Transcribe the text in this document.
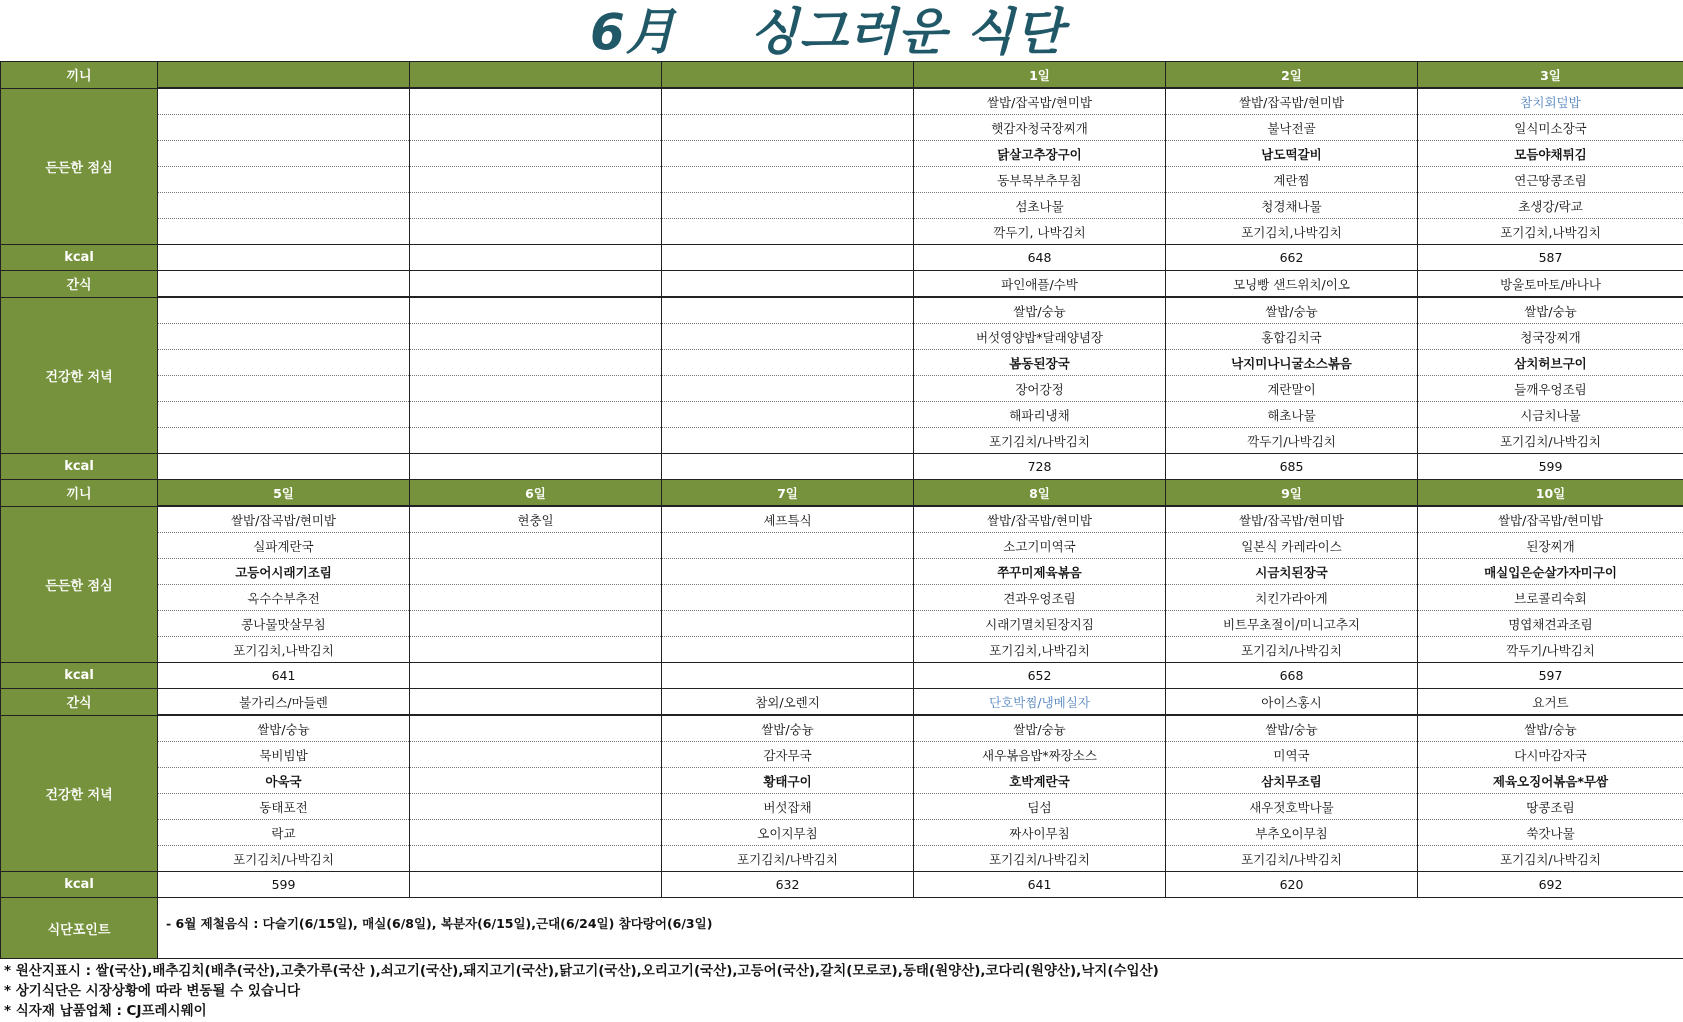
6月 싱그러운 식단
끼니				1일	2일	3일
든든한 점심				쌀밥/잡곡밥/현미밥	쌀밥/잡곡밥/현미밥	참치회덮밥
				햇감자청국장찌개	불낙전골	일식미소장국
				닭살고추장구이	남도떡갈비	모듬야채튀김
				동부묵부추무침	계란찜	연근땅콩조림
				섬초나물	청경채나물	초생강/락교
				깍두기, 나박김치	포기김치,나박김치	포기김치,나박김치
kcal				648	662	587
간식				파인애플/수박	모닝빵 샌드위치/이오	방울토마토/바나나
건강한 저녁				쌀밥/숭늉	쌀밥/숭늉	쌀밥/숭늉
				버섯영양밥*달래양념장	홍합김치국	청국장찌개
				봄동된장국	낙지미나니굴소스볶음	삼치허브구이
				장어강정	계란말이	들깨우엉조림
				해파리냉채	해초나물	시금치나물
				포기김치/나박김치	깍두기/나박김치	포기김치/나박김치
kcal				728	685	599
끼니	5일	6일	7일	8일	9일	10일
든든한 점심	쌀밥/잡곡밥/현미밥	현충일	셰프특식	쌀밥/잡곡밥/현미밥	쌀밥/잡곡밥/현미밥	쌀밥/잡곡밥/현미밥
	실파계란국			소고기미역국	일본식 카레라이스	된장찌개
	고등어시래기조림			쭈꾸미제육볶음	시금치된장국	매실입은순살가자미구이
	옥수수부추전			견과우엉조림	치킨가라아게	브로콜리숙회
	콩나물맛살무침			시래기멸치된장지짐	비트무초절이/미니고추지	명엽채견과조림
	포기김치,나박김치			포기김치,나박김치	포기김치/나박김치	깍두기/나박김치
kcal	641			652	668	597
간식	불가리스/마들렌		참외/오렌지	단호박찜/냉메실자	아이스홍시	요거트
건강한 저녁	쌀밥/숭늉		쌀밥/숭늉	쌀밥/숭늉	쌀밥/숭늉	쌀밥/숭늉
	묵비빔밥		감자무국	새우볶음밥*짜장소스	미역국	다시마감자국
	아욱국		황태구이	호박계란국	삼치무조림	제육오징어볶음*무쌈
	동태포전		버섯잡채	딤섬	새우젓호박나물	땅콩조림
	락교		오이지무침	짜사이무침	부추오이무침	쑥갓나물
	포기김치/나박김치		포기김치/나박김치	포기김치/나박김치	포기김치/나박김치	포기김치/나박김치
kcal	599		632	641	620	692
식단포인트	- 6월 제철음식 : 다슬기(6/15일), 매실(6/8일), 복분자(6/15일),근대(6/24일) 참다랑어(6/3일)					
* 원산지표시 : 쌀(국산),배추김치(배추(국산),고춧가루(국산 ),쇠고기(국산),돼지고기(국산),닭고기(국산),오리고기(국산),고등어(국산),갈치(모로코),동태(원양산),코다리(원양산),낙지(수입산)
* 상기식단은 시장상황에 따라 변동될 수 있습니다
* 식자재 납품업체 : CJ프레시웨이
